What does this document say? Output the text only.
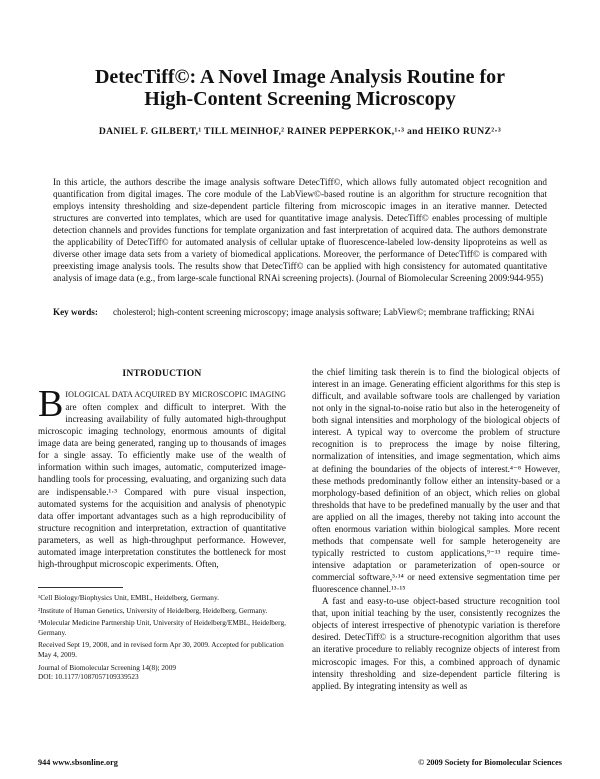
DetecTiff©: A Novel Image Analysis Routine for
High-Content Screening Microscopy
DANIEL F. GILBERT,¹ TILL MEINHOF,² RAINER PEPPERKOK,¹·³ and HEIKO RUNZ²·³
In this article, the authors describe the image analysis software DetecTiff©, which allows fully automated object recognition and quantification from digital images. The core module of the LabView©-based routine is an algorithm for structure recognition that employs intensity thresholding and size-dependent particle filtering from microscopic images in an iterative manner. Detected structures are converted into templates, which are used for quantitative image analysis. DetecTiff© enables processing of multiple detection channels and provides functions for template organization and fast interpretation of acquired data. The authors demonstrate the applicability of DetecTiff© for automated analysis of cellular uptake of fluorescence-labeled low-density lipoproteins as well as diverse other image data sets from a variety of biomedical applications. Moreover, the performance of DetecTiff© is compared with preexisting image analysis tools. The results show that DetecTiff© can be applied with high consistency for automated quantitative analysis of image data (e.g., from large-scale functional RNAi screening projects). (Journal of Biomolecular Screening 2009:944-955)
Key words: cholesterol; high-content screening microscopy; image analysis software; LabView©; membrane trafficking; RNAi
INTRODUCTION

BIOLOGICAL DATA ACQUIRED BY MICROSCOPIC IMAGING are often complex and difficult to interpret. With the increasing availability of fully automated high-throughput microscopic imaging technology, enormous amounts of digital image data are being generated, ranging up to thousands of images for a single assay. To efficiently make use of the wealth of information within such images, automatic, computerized image-handling tools for processing, evaluating, and organizing such data are indispensable.¹·³ Compared with pure visual inspection, automated systems for the acquisition and analysis of phenotypic data offer important advantages such as a high reproducibility of structure recognition and interpretation, extraction of quantitative parameters, as well as high-throughput performance. However, automated image interpretation constitutes the bottleneck for most high-throughput microscopic experiments. Often,

¹Cell Biology/Biophysics Unit, EMBL, Heidelberg, Germany.

²Institute of Human Genetics, University of Heidelberg, Heidelberg, Germany.

³Molecular Medicine Partnership Unit, University of Heidelberg/EMBL, Heidelberg, Germany.

Received Sept 19, 2008, and in revised form Apr 30, 2009. Accepted for publication May 4, 2009.

Journal of Biomolecular Screening 14(8); 2009

DOI: 10.1177/1087057109339523

the chief limiting task therein is to find the biological objects of interest in an image. Generating efficient algorithms for this step is difficult, and available software tools are challenged by variation not only in the signal-to-noise ratio but also in the heterogeneity of both signal intensities and morphology of the biological objects of interest. A typical way to overcome the problem of structure recognition is to preprocess the image by noise filtering, normalization of intensities, and image segmentation, which aims at defining the boundaries of the objects of interest.⁴⁻⁸ However, these methods predominantly follow either an intensity-based or a morphology-based definition of an object, which relies on global thresholds that have to be predefined manually by the user and that are applied on all the images, thereby not taking into account the often enormous variation within biological samples. More recent methods that compensate well for sample heterogeneity are typically restricted to custom applications,⁹⁻¹³ require time-intensive adaptation or parameterization of open-source or commercial software,³·¹⁴ or need extensive segmentation time per fluorescence channel.¹³·¹⁵

A fast and easy-to-use object-based structure recognition tool that, upon initial teaching by the user, consistently recognizes the objects of interest irrespective of phenotypic variation is therefore desired. DetecTiff© is a structure-recognition algorithm that uses an iterative procedure to reliably recognize objects of interest from microscopic images. For this, a combined approach of dynamic intensity thresholding and size-dependent particle filtering is applied. By integrating intensity as well as

944 www.sbsonline.org	© 2009 Society for Biomolecular Sciences
